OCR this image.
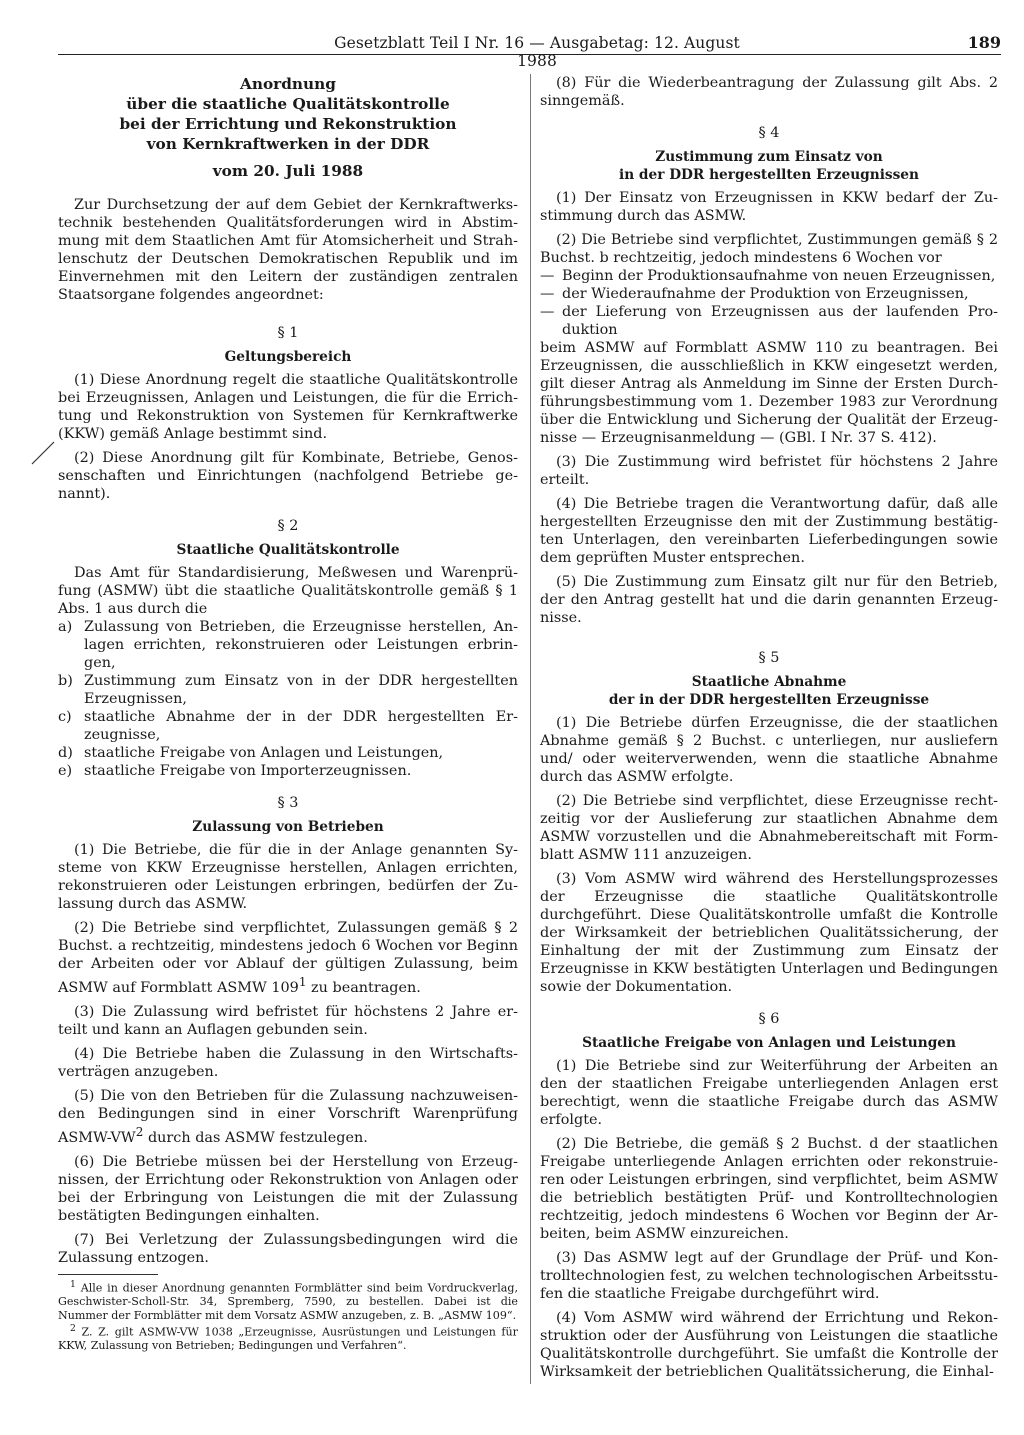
Gesetzblatt Teil I Nr. 16 — Ausgabetag: 12. August 1988
189
Anordnung
über die staatliche Qualitätskontrolle
bei der Errichtung und Rekonstruktion
von Kernkraftwerken in der DDR
vom 20. Juli 1988

Zur Durchsetzung der auf dem Gebiet der Kernkraftwerkstechnik bestehenden Qualitätsforderungen wird in Abstimmung mit dem Staatlichen Amt für Atomsicherheit und Strahlenschutz der Deutschen Demokratischen Republik und im Einvernehmen mit den Leitern der zuständigen zentralen Staatsorgane folgendes angeordnet:

§ 1
Geltungsbereich

(1) Diese Anordnung regelt die staatliche Qualitätskontrolle bei Erzeugnissen, Anlagen und Leistungen, die für die Errichtung und Rekonstruktion von Systemen für Kernkraftwerke (KKW) gemäß Anlage bestimmt sind.

(2) Diese Anordnung gilt für Kombinate, Betriebe, Genossenschaften und Einrichtungen (nachfolgend Betriebe genannt).

§ 2
Staatliche Qualitätskontrolle

Das Amt für Standardisierung, Meßwesen und Warenprüfung (ASMW) übt die staatliche Qualitätskontrolle gemäß § 1 Abs. 1 aus durch die

a) Zulassung von Betrieben, die Erzeugnisse herstellen, Anlagen errichten, rekonstruieren oder Leistungen erbringen,
b) Zustimmung zum Einsatz von in der DDR hergestellten Erzeugnissen,
c) staatliche Abnahme der in der DDR hergestellten Erzeugnisse,
d) staatliche Freigabe von Anlagen und Leistungen,
e) staatliche Freigabe von Importerzeugnissen.
§ 3
Zulassung von Betrieben

(1) Die Betriebe, die für die in der Anlage genannten Systeme von KKW Erzeugnisse herstellen, Anlagen errichten, rekonstruieren oder Leistungen erbringen, bedürfen der Zulassung durch das ASMW.

(2) Die Betriebe sind verpflichtet, Zulassungen gemäß § 2 Buchst. a rechtzeitig, mindestens jedoch 6 Wochen vor Beginn der Arbeiten oder vor Ablauf der gültigen Zulassung, beim ASMW auf Formblatt ASMW $109^1$ zu beantragen.

(3) Die Zulassung wird befristet für höchstens 2 Jahre erteilt und kann an Auflagen gebunden sein.

(4) Die Betriebe haben die Zulassung in den Wirtschaftsverträgen anzugeben.

(5) Die von den Betrieben für die Zulassung nachzuweisenden Bedingungen sind in einer Vorschrift Warenprüfung ASMW-$VW^2$ durch das ASMW festzulegen.

(6) Die Betriebe müssen bei der Herstellung von Erzeugnissen, der Errichtung oder Rekonstruktion von Anlagen oder bei der Erbringung von Leistungen die mit der Zulassung bestätigten Bedingungen einhalten.

(7) Bei Verletzung der Zulassungsbedingungen wird die Zulassung entzogen.

$^1$ Alle in dieser Anordnung genannten Formblätter sind beim Vordruckverlag, Geschwister-Scholl-Str. 34, Spremberg, 7590, zu bestellen. Dabei ist die Nummer der Formblätter mit dem Vorsatz ASMW anzugeben, z. B. „ASMW 109“.

$^2$ Z. Z. gilt ASMW-VW 1038 „Erzeugnisse, Ausrüstungen und Leistungen für KKW, Zulassung von Betrieben; Bedingungen und Verfahren“.

(8) Für die Wiederbeantragung der Zulassung gilt Abs. 2 sinngemäß.

§ 4
Zustimmung zum Einsatz von
in der DDR hergestellten Erzeugnissen

(1) Der Einsatz von Erzeugnissen in KKW bedarf der Zustimmung durch das ASMW.

(2) Die Betriebe sind verpflichtet, Zustimmungen gemäß § 2 Buchst. b rechtzeitig, jedoch mindestens 6 Wochen vor

— Beginn der Produktionsaufnahme von neuen Erzeugnissen,
— der Wiederaufnahme der Produktion von Erzeugnissen,
— der Lieferung von Erzeugnissen aus der laufenden Produktion

beim ASMW auf Formblatt ASMW 110 zu beantragen. Bei Erzeugnissen, die ausschließlich in KKW eingesetzt werden, gilt dieser Antrag als Anmeldung im Sinne der Ersten Durchführungsbestimmung vom 1. Dezember 1983 zur Verordnung über die Entwicklung und Sicherung der Qualität der Erzeugnisse — Erzeugnisanmeldung — (GBl. I Nr. 37 S. 412).

(3) Die Zustimmung wird befristet für höchstens 2 Jahre erteilt.

(4) Die Betriebe tragen die Verantwortung dafür, daß alle hergestellten Erzeugnisse den mit der Zustimmung bestätigten Unterlagen, den vereinbarten Lieferbedingungen sowie dem geprüften Muster entsprechen.

(5) Die Zustimmung zum Einsatz gilt nur für den Betrieb, der den Antrag gestellt hat und die darin genannten Erzeugnisse.

§ 5
Staatliche Abnahme
der in der DDR hergestellten Erzeugnisse

(1) Die Betriebe dürfen Erzeugnisse, die der staatlichen Abnahme gemäß § 2 Buchst. c unterliegen, nur ausliefern und/ oder weiterverwenden, wenn die staatliche Abnahme durch das ASMW erfolgte.

(2) Die Betriebe sind verpflichtet, diese Erzeugnisse rechtzeitig vor der Auslieferung zur staatlichen Abnahme dem ASMW vorzustellen und die Abnahmebereitschaft mit Formblatt ASMW 111 anzuzeigen.

(3) Vom ASMW wird während des Herstellungsprozesses der Erzeugnisse die staatliche Qualitätskontrolle durchgeführt. Diese Qualitätskontrolle umfaßt die Kontrolle der Wirksamkeit der betrieblichen Qualitätssicherung, der Einhaltung der mit der Zustimmung zum Einsatz der Erzeugnisse in KKW bestätigten Unterlagen und Bedingungen sowie der Dokumentation.

§ 6
Staatliche Freigabe von Anlagen und Leistungen

(1) Die Betriebe sind zur Weiterführung der Arbeiten an den der staatlichen Freigabe unterliegenden Anlagen erst berechtigt, wenn die staatliche Freigabe durch das ASMW erfolgte.

(2) Die Betriebe, die gemäß § 2 Buchst. d der staatlichen Freigabe unterliegende Anlagen errichten oder rekonstruieren oder Leistungen erbringen, sind verpflichtet, beim ASMW die betrieblich bestätigten Prüf- und Kontrolltechnologien rechtzeitig, jedoch mindestens 6 Wochen vor Beginn der Arbeiten, beim ASMW einzureichen.

(3) Das ASMW legt auf der Grundlage der Prüf- und Kontrolltechnologien fest, zu welchen technologischen Arbeitsstufen die staatliche Freigabe durchgeführt wird.

(4) Vom ASMW wird während der Errichtung und Rekonstruktion oder der Ausführung von Leistungen die staatliche Qualitätskontrolle durchgeführt. Sie umfaßt die Kontrolle der Wirksamkeit der betrieblichen Qualitätssicherung, die Einhal-
